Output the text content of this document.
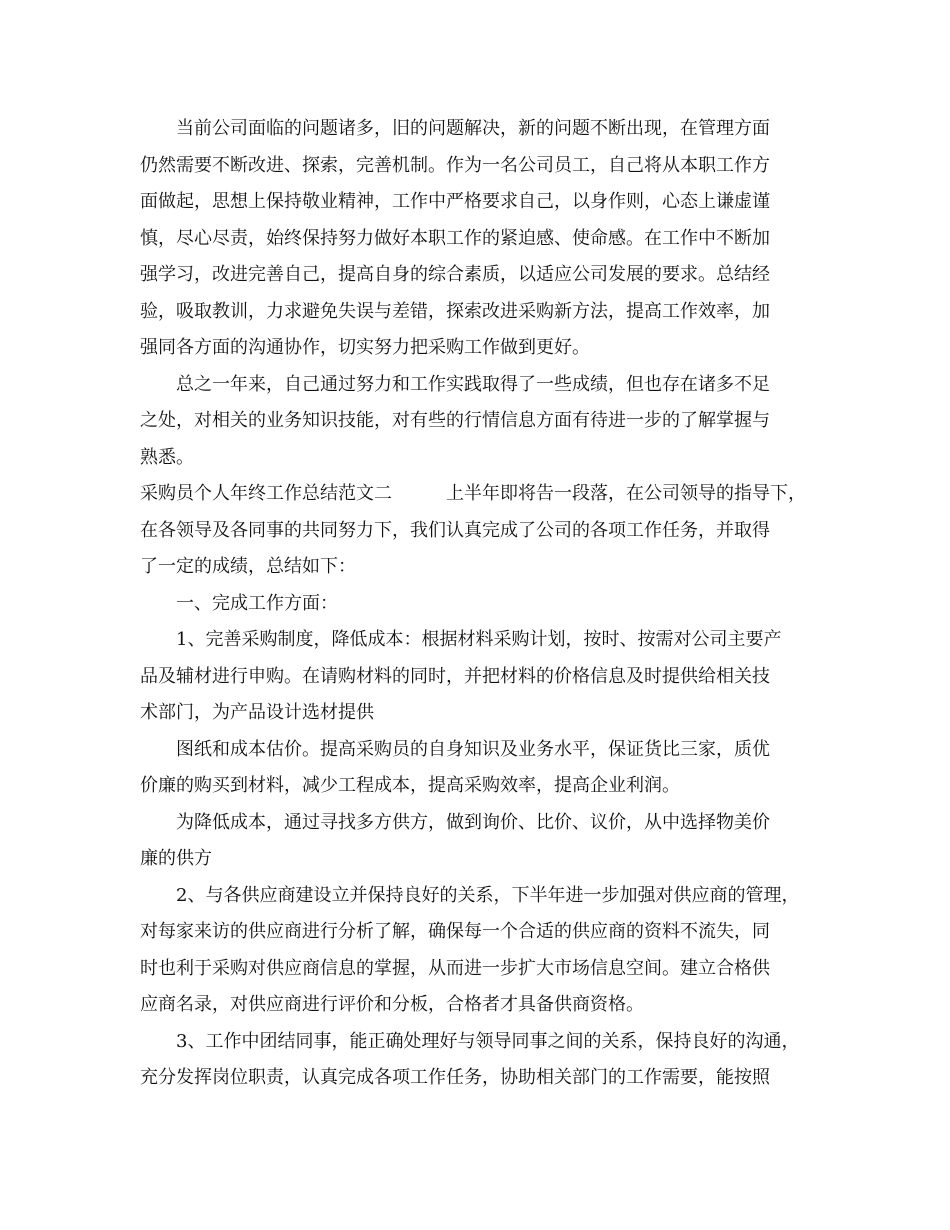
　　当前公司面临的问题诸多，旧的问题解决，新的问题不断出现，在管理方面
仍然需要不断改进、探索，完善机制。作为一名公司员工，自己将从本职工作方
面做起，思想上保持敬业精神，工作中严格要求自己，以身作则，心态上谦虚谨
慎，尽心尽责，始终保持努力做好本职工作的紧迫感、使命感。在工作中不断加
强学习，改进完善自己，提高自身的综合素质，以适应公司发展的要求。总结经
验，吸取教训，力求避免失误与差错，探索改进采购新方法，提高工作效率，加
强同各方面的沟通协作，切实努力把采购工作做到更好。
　　总之一年来，自己通过努力和工作实践取得了一些成绩，但也存在诸多不足
之处，对相关的业务知识技能，对有些的行情信息方面有待进一步的了解掌握与
熟悉。
采购员个人年终工作总结范文二　　　上半年即将告一段落，在公司领导的指导下，
在各领导及各同事的共同努力下，我们认真完成了公司的各项工作任务，并取得
了一定的成绩，总结如下：
　　一、完成工作方面：
　　1、完善采购制度，降低成本：根据材料采购计划，按时、按需对公司主要产
品及辅材进行申购。在请购材料的同时，并把材料的价格信息及时提供给相关技
术部门，为产品设计选材提供
　　图纸和成本估价。提高采购员的自身知识及业务水平，保证货比三家，质优
价廉的购买到材料，减少工程成本，提高采购效率，提高企业利润。
　　为降低成本，通过寻找多方供方，做到询价、比价、议价，从中选择物美价
廉的供方
　　2、与各供应商建设立并保持良好的关系，下半年进一步加强对供应商的管理，
对每家来访的供应商进行分析了解，确保每一个合适的供应商的资料不流失，同
时也利于采购对供应商信息的掌握，从而进一步扩大市场信息空间。建立合格供
应商名录，对供应商进行评价和分板，合格者才具备供商资格。
　　3、工作中团结同事，能正确处理好与领导同事之间的关系，保持良好的沟通，
充分发挥岗位职责，认真完成各项工作任务，协助相关部门的工作需要，能按照
